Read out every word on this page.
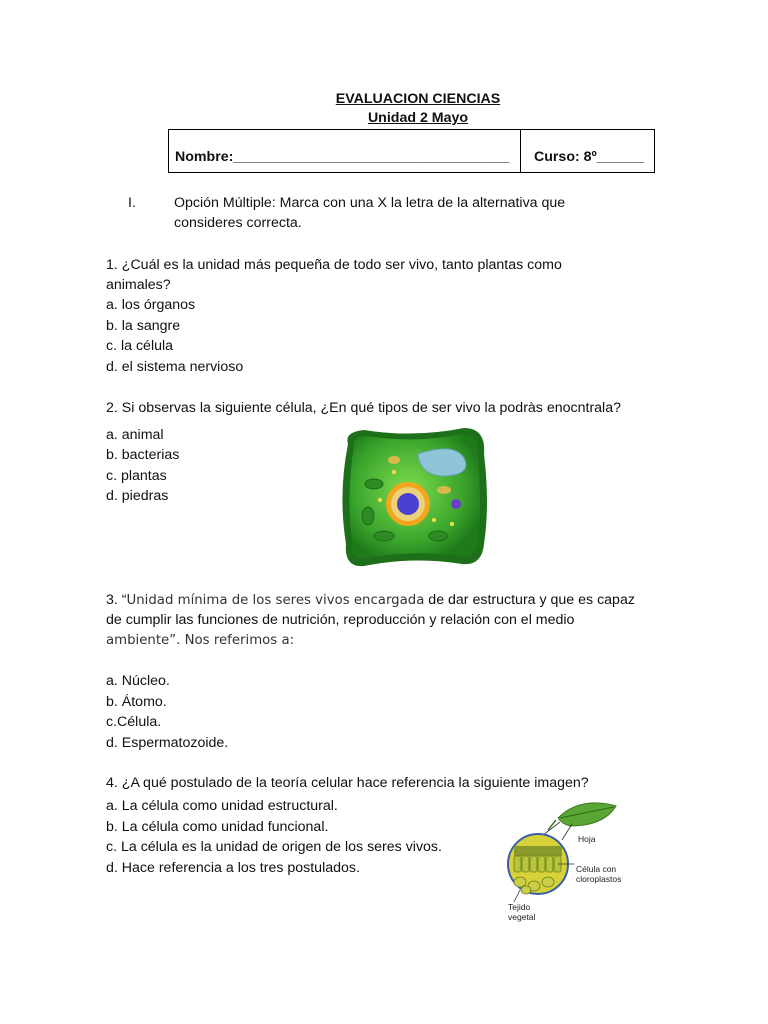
EVALUACION CIENCIAS
Unidad 2 Mayo
Nombre:___________________________________ Curso: 8º______
I.	Opción Múltiple: Marca con una X la letra de la alternativa que
consideres correcta.
1. ¿Cuál es la unidad más pequeña de todo ser vivo, tanto plantas como
animales?
a. los órganos
b. la sangre
c. la célula
d. el sistema nervioso
2. Si observas la siguiente célula, ¿En qué tipos de ser vivo la podràs enocntrala?
a. animal
b. bacterias
c. plantas
d. piedras
3. “Unidad mínima de los seres vivos encargada de dar estructura y que es capaz
de cumplir las funciones de nutrición, reproducción y relación con el medio
ambiente”. Nos referimos a:
a. Núcleo.
b. Átomo.
c.Célula.
d. Espermatozoide.
4. ¿A qué postulado de la teoría celular hace referencia la siguiente imagen?
a. La célula como unidad estructural.
b. La célula como unidad funcional.
c. La célula es la unidad de origen de los seres vivos.
d. Hace referencia a los tres postulados.
Hoja
Célula con
cloroplastos
Tejido
vegetal
